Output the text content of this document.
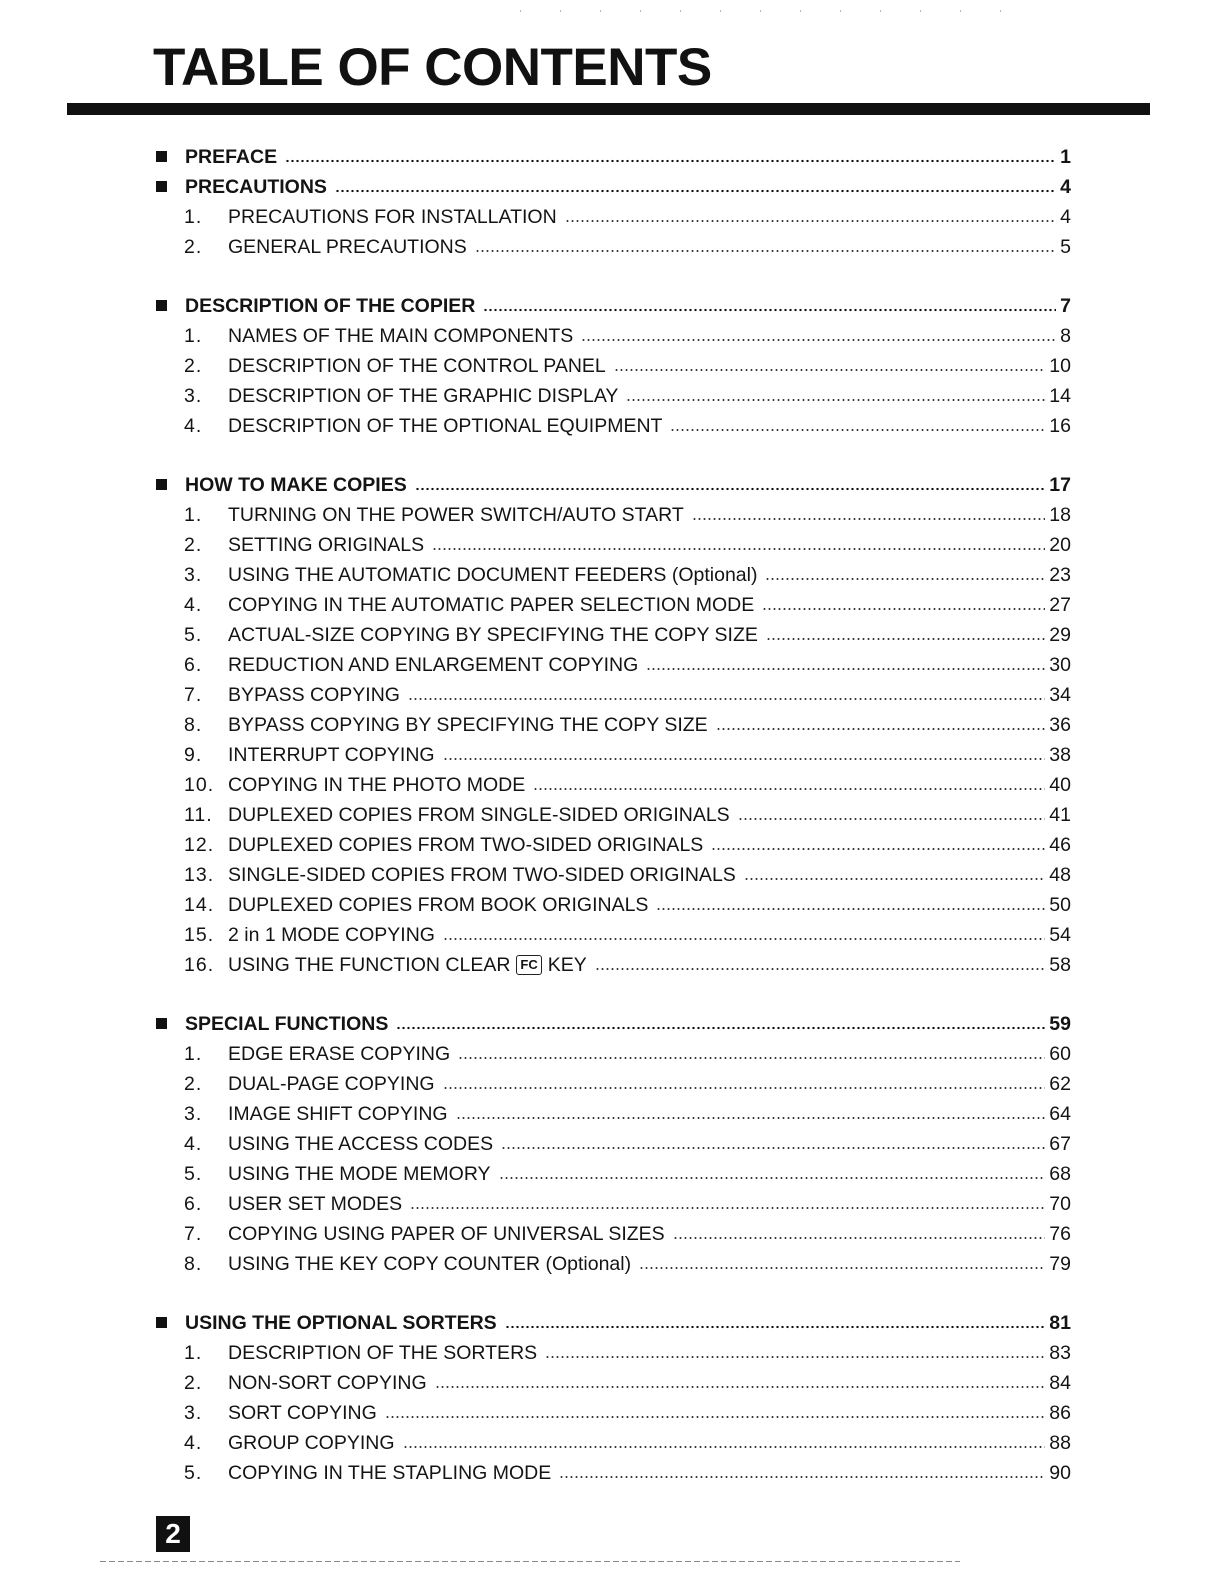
TABLE OF CONTENTS
PREFACE	1
PRECAUTIONS	4
1.	PRECAUTIONS FOR INSTALLATION	4
2.	GENERAL PRECAUTIONS	5
DESCRIPTION OF THE COPIER	7
1.	NAMES OF THE MAIN COMPONENTS	8
2.	DESCRIPTION OF THE CONTROL PANEL	10
3.	DESCRIPTION OF THE GRAPHIC DISPLAY	14
4.	DESCRIPTION OF THE OPTIONAL EQUIPMENT	16
HOW TO MAKE COPIES	17
1.	TURNING ON THE POWER SWITCH/AUTO START	18
2.	SETTING ORIGINALS	20
3.	USING THE AUTOMATIC DOCUMENT FEEDERS (Optional)	23
4.	COPYING IN THE AUTOMATIC PAPER SELECTION MODE	27
5.	ACTUAL-SIZE COPYING BY SPECIFYING THE COPY SIZE	29
6.	REDUCTION AND ENLARGEMENT COPYING	30
7.	BYPASS COPYING	34
8.	BYPASS COPYING BY SPECIFYING THE COPY SIZE	36
9.	INTERRUPT COPYING	38
10. COPYING IN THE PHOTO MODE	40
11. DUPLEXED COPIES FROM SINGLE-SIDED ORIGINALS	41
12. DUPLEXED COPIES FROM TWO-SIDED ORIGINALS	46
13. SINGLE-SIDED COPIES FROM TWO-SIDED ORIGINALS	48
14. DUPLEXED COPIES FROM BOOK ORIGINALS	50
15. 2 in 1 MODE COPYING	54
16. USING THE FUNCTION CLEAR FC KEY	58
SPECIAL FUNCTIONS	59
1.	EDGE ERASE COPYING	60
2.	DUAL-PAGE COPYING	62
3.	IMAGE SHIFT COPYING	64
4.	USING THE ACCESS CODES	67
5.	USING THE MODE MEMORY	68
6.	USER SET MODES	70
7.	COPYING USING PAPER OF UNIVERSAL SIZES	76
8.	USING THE KEY COPY COUNTER (Optional)	79
USING THE OPTIONAL SORTERS	81
1.	DESCRIPTION OF THE SORTERS	83
2.	NON-SORT COPYING	84
3.	SORT COPYING	86
4.	GROUP COPYING	88
5.	COPYING IN THE STAPLING MODE	90
2
